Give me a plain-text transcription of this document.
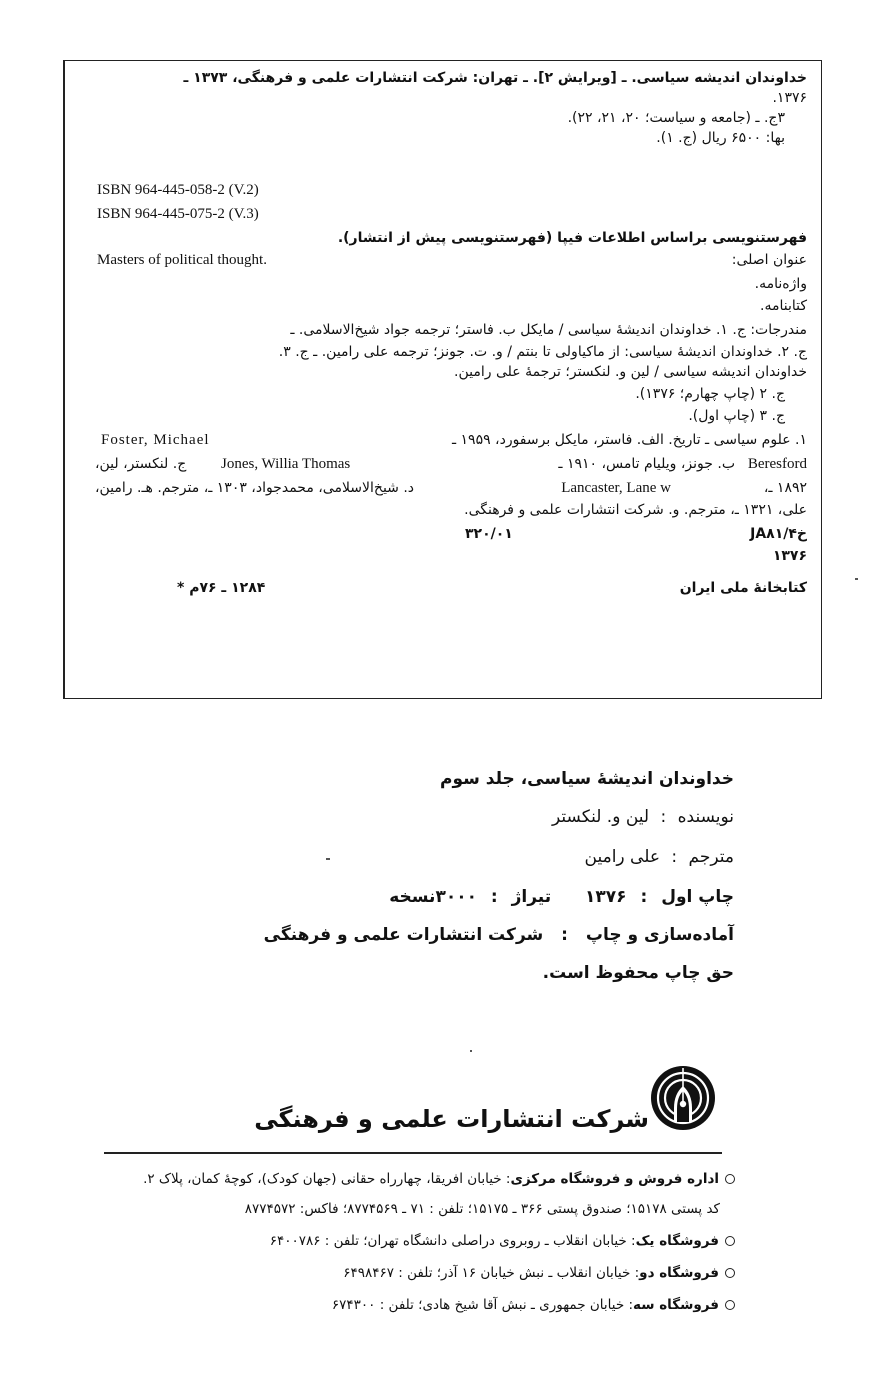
خداوندان اندیشه سیاسی. ـ [ویرایش ۲]. ـ تهران: شرکت انتشارات علمی و فرهنگی، ۱۳۷۳ ـ
.۱۳۷۶
۳ج. ـ (جامعه و سیاست؛ ۲۰، ۲۱، ۲۲).
بها: ۶۵۰۰ ریال (ج. ۱).
ISBN 964-445-058-2 (V.2)
ISBN 964-445-075-2 (V.3)
فهرستنویسی براساس اطلاعات فیپا (فهرستنویسی پیش از انتشار).
عنوان اصلی:
Masters of political thought.
واژه‌نامه.
کتابنامه.
مندرجات: ج. ۱. خداوندان اندیشهٔ سیاسی / مایکل ب. فاستر؛ ترجمه جواد شیخ‌الاسلامی. ـ
ج. ۲. خداوندان اندیشهٔ سیاسی: از ماکیاولی تا بنتم / و. ت. جونز؛ ترجمه علی رامین. ـ ج. ۳.
خداوندان اندیشه سیاسی / لین و. لنکستر؛ ترجمهٔ علی رامین.
ج. ۲ (چاپ چهارم؛ ۱۳۷۶).
ج. ۳ (چاپ اول).
۱. علوم سیاسی ـ تاریخ. الف. فاستر، مایکل برسفورد، ۱۹۵۹ ـ
Foster, Michael
Beresford
ب. جونز، ویلیام تامس، ۱۹۱۰ ـ
Jones, Willia Thomas
ج. لنکستر، لین،
۱۸۹۲ ـ،
Lancaster, Lane w
د. شیخ‌الاسلامی، محمدجواد، ۱۳۰۳ ـ، مترجم. هـ. رامین،
علی، ۱۳۲۱ ـ، مترجم. و. شرکت انتشارات علمی و فرهنگی.
JA۸۱/۴خ
۳۲۰/۰۱
۱۳۷۶
کتابخانهٔ ملی ایران
۱۲۸۴ ـ ۷۶م *
خداوندان اندیشهٔ سیاسی، جلد سوم
نویسنده : لین و. لنکستر
مترجم : علی رامین
چاپ اول : ۱۳۷۶ تیراژ : ۳۰۰۰نسخه
آماده‌سازی و چاپ : شرکت انتشارات علمی و فرهنگی
حق چاپ محفوظ است.
شرکت انتشارات علمی و فرهنگی
اداره فروش و فروشگاه مرکزی: خیابان افریقا، چهارراه حقانی (جهان کودک)، کوچهٔ کمان، پلاک ۲.
کد پستی ۱۵۱۷۸؛ صندوق پستی ۳۶۶ ـ ۱۵۱۷۵؛ تلفن : ۷۱ ـ ۸۷۷۴۵۶۹؛ فاکس: ۸۷۷۴۵۷۲
فروشگاه یک: خیابان انقلاب ـ روبروی دراصلی دانشگاه تهران؛ تلفن : ۶۴۰۰۷۸۶
فروشگاه دو: خیابان انقلاب ـ نبش خیابان ۱۶ آذر؛ تلفن : ۶۴۹۸۴۶۷
فروشگاه سه: خیابان جمهوری ـ نبش آقا شیخ هادی؛ تلفن : ۶۷۴۳۰۰
